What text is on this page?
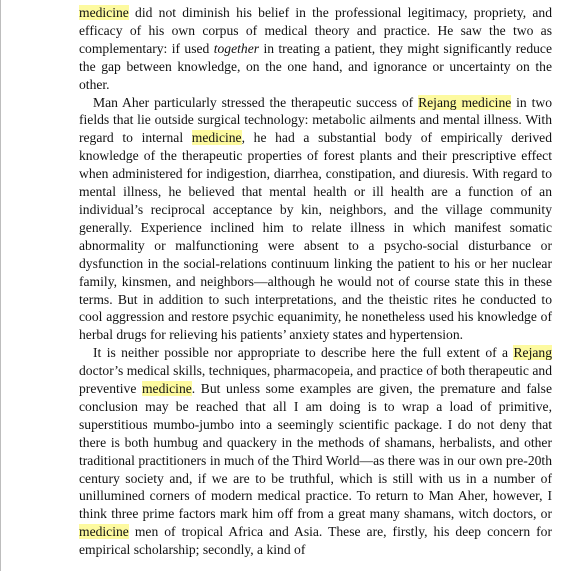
medicine did not diminish his belief in the professional legitimacy, propriety, and efficacy of his own corpus of medical theory and practice. He saw the two as complementary: if used together in treating a patient, they might significantly reduce the gap between knowledge, on the one hand, and ignorance or uncertainty on the other.

Man Aher particularly stressed the therapeutic success of Rejang medicine in two fields that lie outside surgical technology: metabolic ailments and mental illness. With regard to internal medicine, he had a substantial body of empirically derived knowledge of the therapeutic properties of forest plants and their prescriptive effect when administered for indigestion, diarrhea, constipation, and diuresis. With regard to mental illness, he believed that mental health or ill health are a function of an individual’s reciprocal acceptance by kin, neighbors, and the village community generally. Experience inclined him to relate illness in which manifest somatic abnormality or malfunctioning were absent to a psycho-social disturbance or dysfunction in the social-relations continuum linking the patient to his or her nuclear family, kinsmen, and neighbors—although he would not of course state this in these terms. But in addition to such interpretations, and the theistic rites he conducted to cool aggression and restore psychic equanimity, he nonetheless used his knowledge of herbal drugs for relieving his patients’ anxiety states and hypertension.

It is neither possible nor appropriate to describe here the full extent of a Rejang doctor’s medical skills, techniques, pharmacopeia, and practice of both therapeutic and preventive medicine. But unless some examples are given, the premature and false conclusion may be reached that all I am doing is to wrap a load of primitive, superstitious mumbo-jumbo into a seemingly scientific package. I do not deny that there is both humbug and quackery in the methods of shamans, herbalists, and other traditional practitioners in much of the Third World—as there was in our own pre-20th century society and, if we are to be truthful, which is still with us in a number of unillumined corners of modern medical practice. To return to Man Aher, however, I think three prime factors mark him off from a great many shamans, witch doctors, or medicine men of tropical Africa and Asia. These are, firstly, his deep concern for empirical scholarship; secondly, a kind of
